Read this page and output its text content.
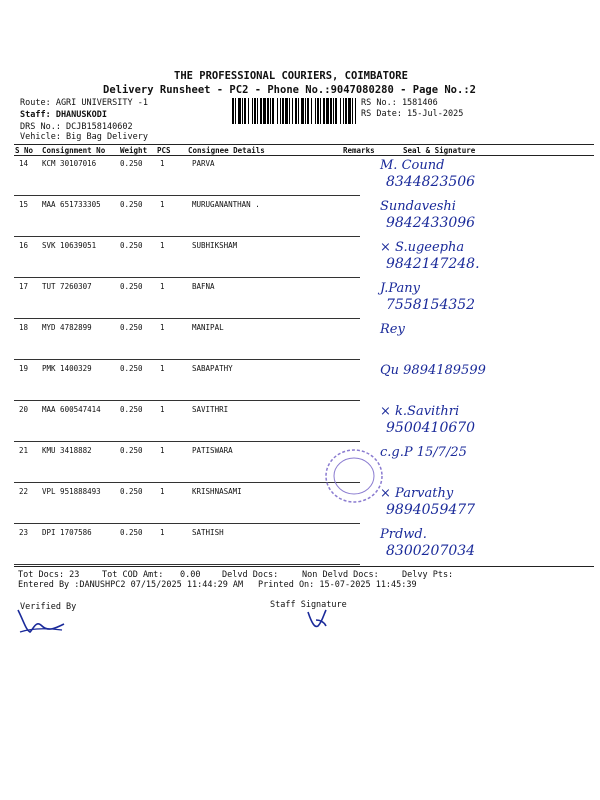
THE PROFESSIONAL COURIERS, COIMBATORE
Delivery Runsheet - PC2 - Phone No.:9047080280 - Page No.:2
Route: AGRI UNIVERSITY -1
Staff: DHANUSKODI
DRS No.: DCJB158140602
Vehicle: Big Bag Delivery
RS No.: 1581406
RS Date: 15-Jul-2025
S No Consignment No Weight PCS Consignee Details	Remarks	Seal & Signature
14 KCM 30107016	0.250 1	PARVA	M. Cound
8344823506
15 MAA 651733305	0.250 1	MURUGANANTHAN .	Sundaveshi
9842433096
16 SVK 10639051	0.250 1	SUBHIKSHAM	× S.ugeepha
9842147248.
17 TUT 7260307	0.250 1	BAFNA	J.Pany
7558154352
18 MYD 4782899	0.250 1	MANIPAL	Rey
19 PMK 1400329	0.250 1	SABAPATHY	Qu 9894189599
20 MAA 600547414	0.250 1	SAVITHRI	× k.Savithri
9500410670
21 KMU 3418882	0.250 1	PATISWARA	c.g.P 15/7/25
22 VPL 951888493	0.250 1	KRISHNASAMI	× Parvathy
9894059477
23 DPI 1707586	0.250 1	SATHISH	Prdwd.
8300207034
Tot Docs: 23	Tot COD Amt: 0.00	Delvd Docs:	Non Delvd Docs:	Delvy Pts:
Entered By :DANUSHPC2 07/15/2025 11:44:29 AM Printed On: 15-07-2025 11:45:39
Verified By	Staff Signature
